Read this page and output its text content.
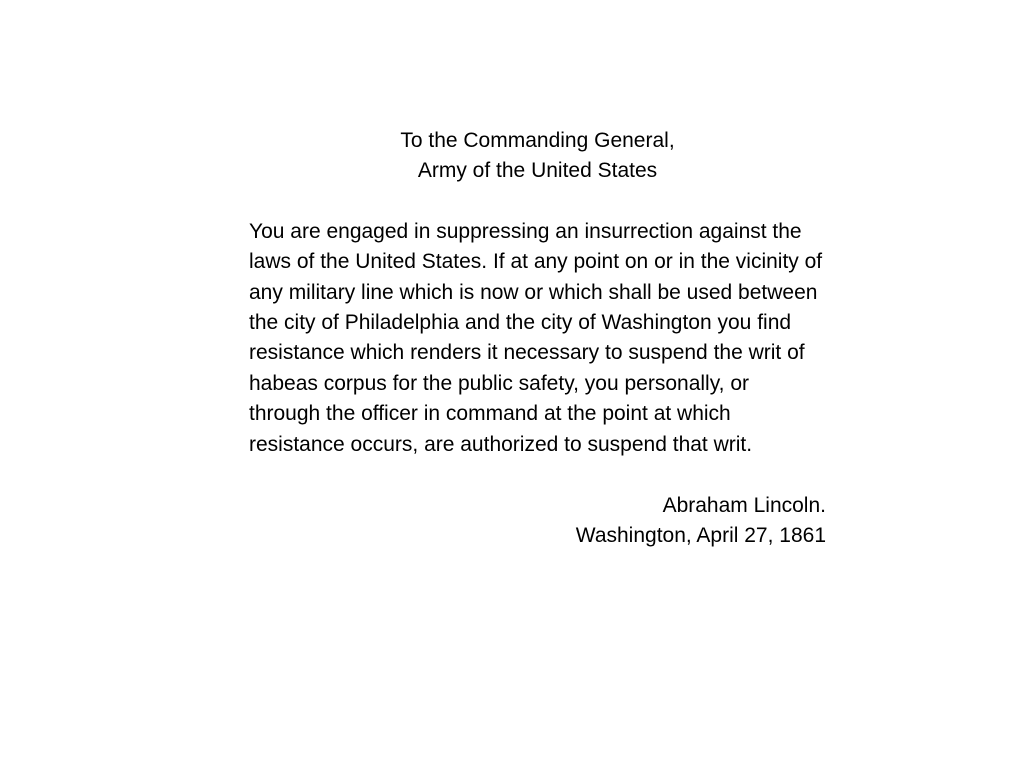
To the Commanding General,
Army of the United States

You are engaged in suppressing an insurrection against the laws of the United States. If at any point on or in the vicinity of any military line which is now or which shall be used between the city of Philadelphia and the city of Washington you find resistance which renders it necessary to suspend the writ of habeas corpus for the public safety, you personally, or through the officer in command at the point at which resistance occurs, are authorized to suspend that writ.

Abraham Lincoln.
Washington, April 27, 1861
